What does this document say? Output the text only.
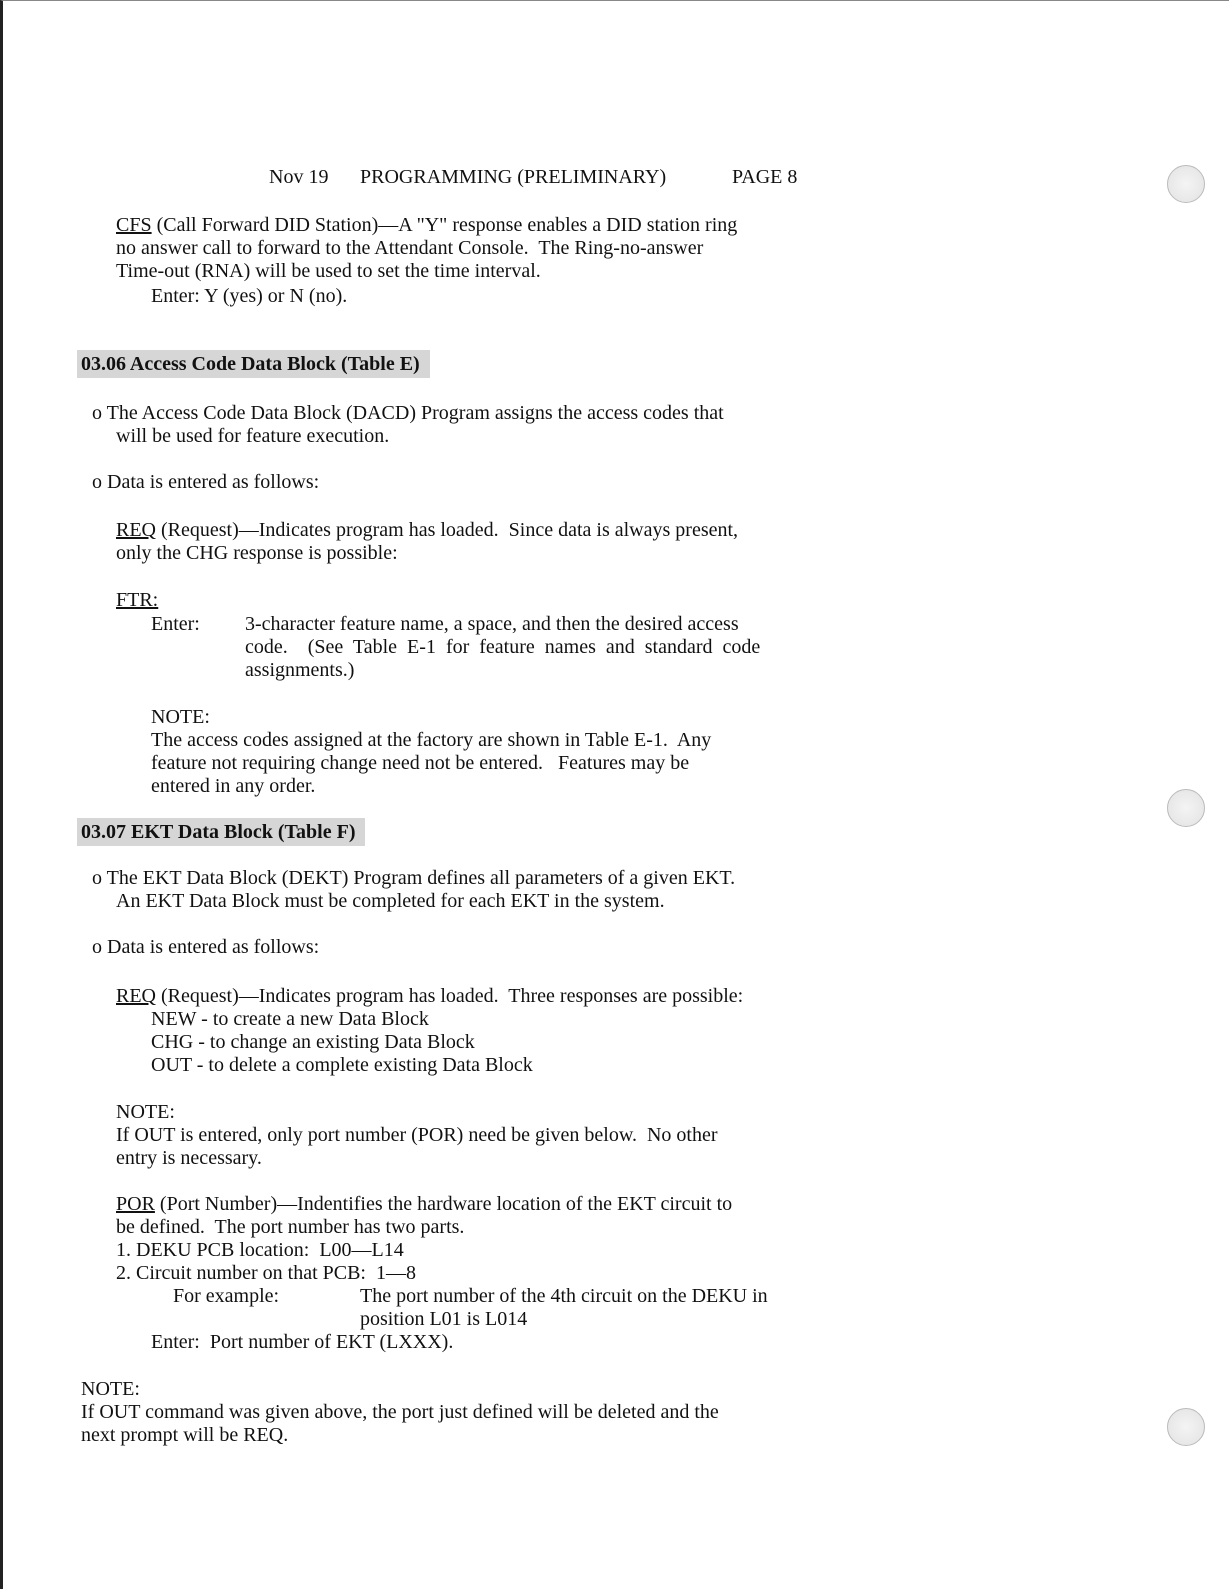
Nov 19 PROGRAMMING (PRELIMINARY)	PAGE 8
CFS (Call Forward DID Station)—A "Y" response enables a DID station ring
no answer call to forward to the Attendant Console.  The Ring-no-answer
Time-out (RNA) will be used to set the time interval.
Enter: Y (yes) or N (no).
03.06 Access Code Data Block (Table E)
o The Access Code Data Block (DACD) Program assigns the access codes that
will be used for feature execution.
o Data is entered as follows:
REQ (Request)—Indicates program has loaded.  Since data is always present,
only the CHG response is possible:
FTR:
Enter: 3-character feature name, a space, and then the desired access
code.    (See  Table  E-1  for  feature  names  and  standard  code
assignments.)
NOTE:
The access codes assigned at the factory are shown in Table E-1.  Any
feature not requiring change need not be entered.   Features may be
entered in any order.
03.07 EKT Data Block (Table F)
o The EKT Data Block (DEKT) Program defines all parameters of a given EKT.
An EKT Data Block must be completed for each EKT in the system.
o Data is entered as follows:
REQ (Request)—Indicates program has loaded.  Three responses are possible:
NEW - to create a new Data Block
CHG - to change an existing Data Block
OUT - to delete a complete existing Data Block
NOTE:
If OUT is entered, only port number (POR) need be given below.  No other
entry is necessary.
POR (Port Number)—Indentifies the hardware location of the EKT circuit to
be defined.  The port number has two parts.
1. DEKU PCB location:  L00—L14
2. Circuit number on that PCB:  1—8
For example:	The port number of the 4th circuit on the DEKU in
position L01 is L014
Enter:  Port number of EKT (LXXX).
NOTE:
If OUT command was given above, the port just defined will be deleted and the
next prompt will be REQ.
